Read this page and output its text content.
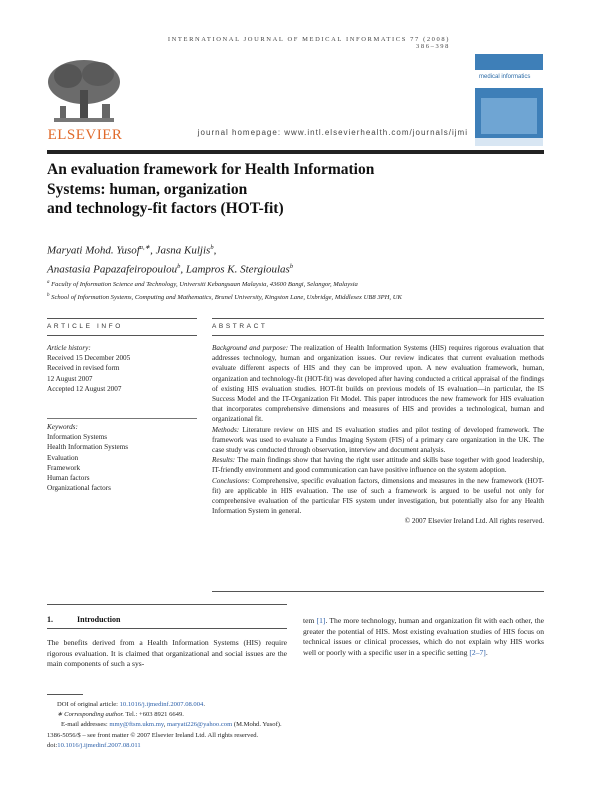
INTERNATIONAL JOURNAL OF MEDICAL INFORMATICS 77 (2008) 386–398
ELSEVIER
medical informatics
journal homepage: www.intl.elsevierhealth.com/journals/ijmi
An evaluation framework for Health Information
Systems: human, organization
and technology-fit factors (HOT-fit)
Maryati Mohd. Yusof$^{a,∗}$, Jasna Kuljis$^b$,
Anastasia Papazafeiropoulou$^b$, Lampros K. Stergioulas$^b$
$^a$ Faculty of Information Science and Technology, Universiti Kebangsaan Malaysia, 43600 Bangi, Selangor, Malaysia
$^b$ School of Information Systems, Computing and Mathematics, Brunel University, Kingston Lane, Uxbridge, Middlesex UB8 3PH, UK
ARTICLE INFO	ABSTRACT
Article history:
Received 15 December 2005
Received in revised form
12 August 2007
Accepted 12 August 2007
Keywords:
Information Systems
Health Information Systems
Evaluation
Framework
Human factors
Organizational factors

Background and purpose: The realization of Health Information Systems (HIS) requires rigorous evaluation that addresses technology, human and organization issues. Our review indicates that current evaluation methods evaluate different aspects of HIS and they can be improved upon. A new evaluation framework, human, organization and technology-fit (HOT-fit) was developed after having conducted a critical appraisal of the findings of existing HIS evaluation studies. HOT-fit builds on previous models of IS evaluation—in particular, the IS Success Model and the IT-Organization Fit Model. This paper introduces the new framework for HIS evaluation that incorporates comprehensive dimensions and measures of HIS and provides a technological, human and organizational fit.

Methods: Literature review on HIS and IS evaluation studies and pilot testing of developed framework. The framework was used to evaluate a Fundus Imaging System (FIS) of a primary care organization in the UK. The case study was conducted through observation, interview and document analysis.

Results: The main findings show that having the right user attitude and skills base together with good leadership, IT-friendly environment and good communication can have positive influence on the system adoption.

Conclusions: Comprehensive, specific evaluation factors, dimensions and measures in the new framework (HOT-fit) are applicable in HIS evaluation. The use of such a framework is argued to be useful not only for comprehensive evaluation of the particular FIS system under investigation, but potentially also for any Health Information System in general.

© 2007 Elsevier Ireland Ltd. All rights reserved.

1.	Introduction
The benefits derived from a Health Information Systems (HIS) require rigorous evaluation. It is claimed that organizational and social issues are the main components of such a sys-
tem [1]. The more technology, human and organization fit with each other, the greater the potential of HIS. Most existing evaluation studies of HIS focus on technical issues or clinical processes, which do not explain why HIS works well or poorly with a specific user in a specific setting [2–7].
DOI of original article: 10.1016/j.ijmedinf.2007.08.004.
∗ Corresponding author. Tel.: +603 8921 6649.
E-mail addresses: mmy@ftsm.ukm.my, maryati226@yahoo.com (M.Mohd. Yusof).
1386-5056/$ – see front matter © 2007 Elsevier Ireland Ltd. All rights reserved.
doi:10.1016/j.ijmedinf.2007.08.011
